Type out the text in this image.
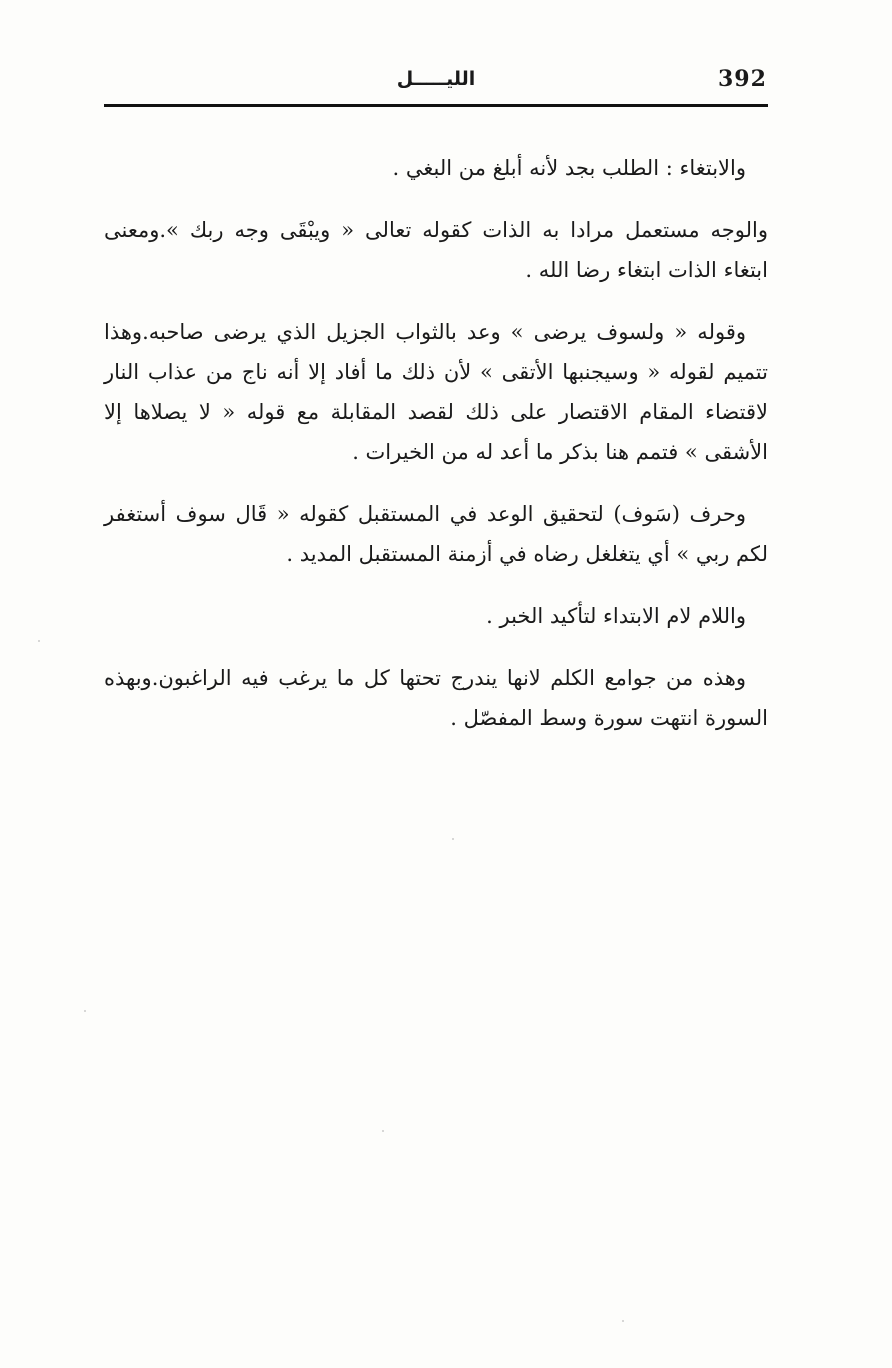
392
الليـــــل

والابتغاء : الطلب بجد لأنه أبلغ من البغي .

والوجه مستعمل مرادا به الذات كقوله تعالى « ويبْقَى وجه ربك ».ومعنى ابتغاء الذات ابتغاء رضا الله .

وقوله « ولسوف يرضى » وعد بالثواب الجزيل الذي يرضى صاحبه.وهذا تتميم لقوله « وسيجنبها الأتقى » لأن ذلك ما أفاد إلا أنه ناج من عذاب النار لاقتضاء المقام الاقتصار على ذلك لقصد المقابلة مع قوله « لا يصلاها إلا الأشقى » فتمم هنا بذكر ما أعد له من الخيرات .

وحرف (سَوف) لتحقيق الوعد في المستقبل كقوله « قَال سوف أستغفر لكم ربي » أي يتغلغل رضاه في أزمنة المستقبل المديد .

واللام لام الابتداء لتأكيد الخبر .

وهذه من جوامع الكلم لانها يندرج تحتها كل ما يرغب فيه الراغبون.وبهذه السورة انتهت سورة وسط المفصّل .
